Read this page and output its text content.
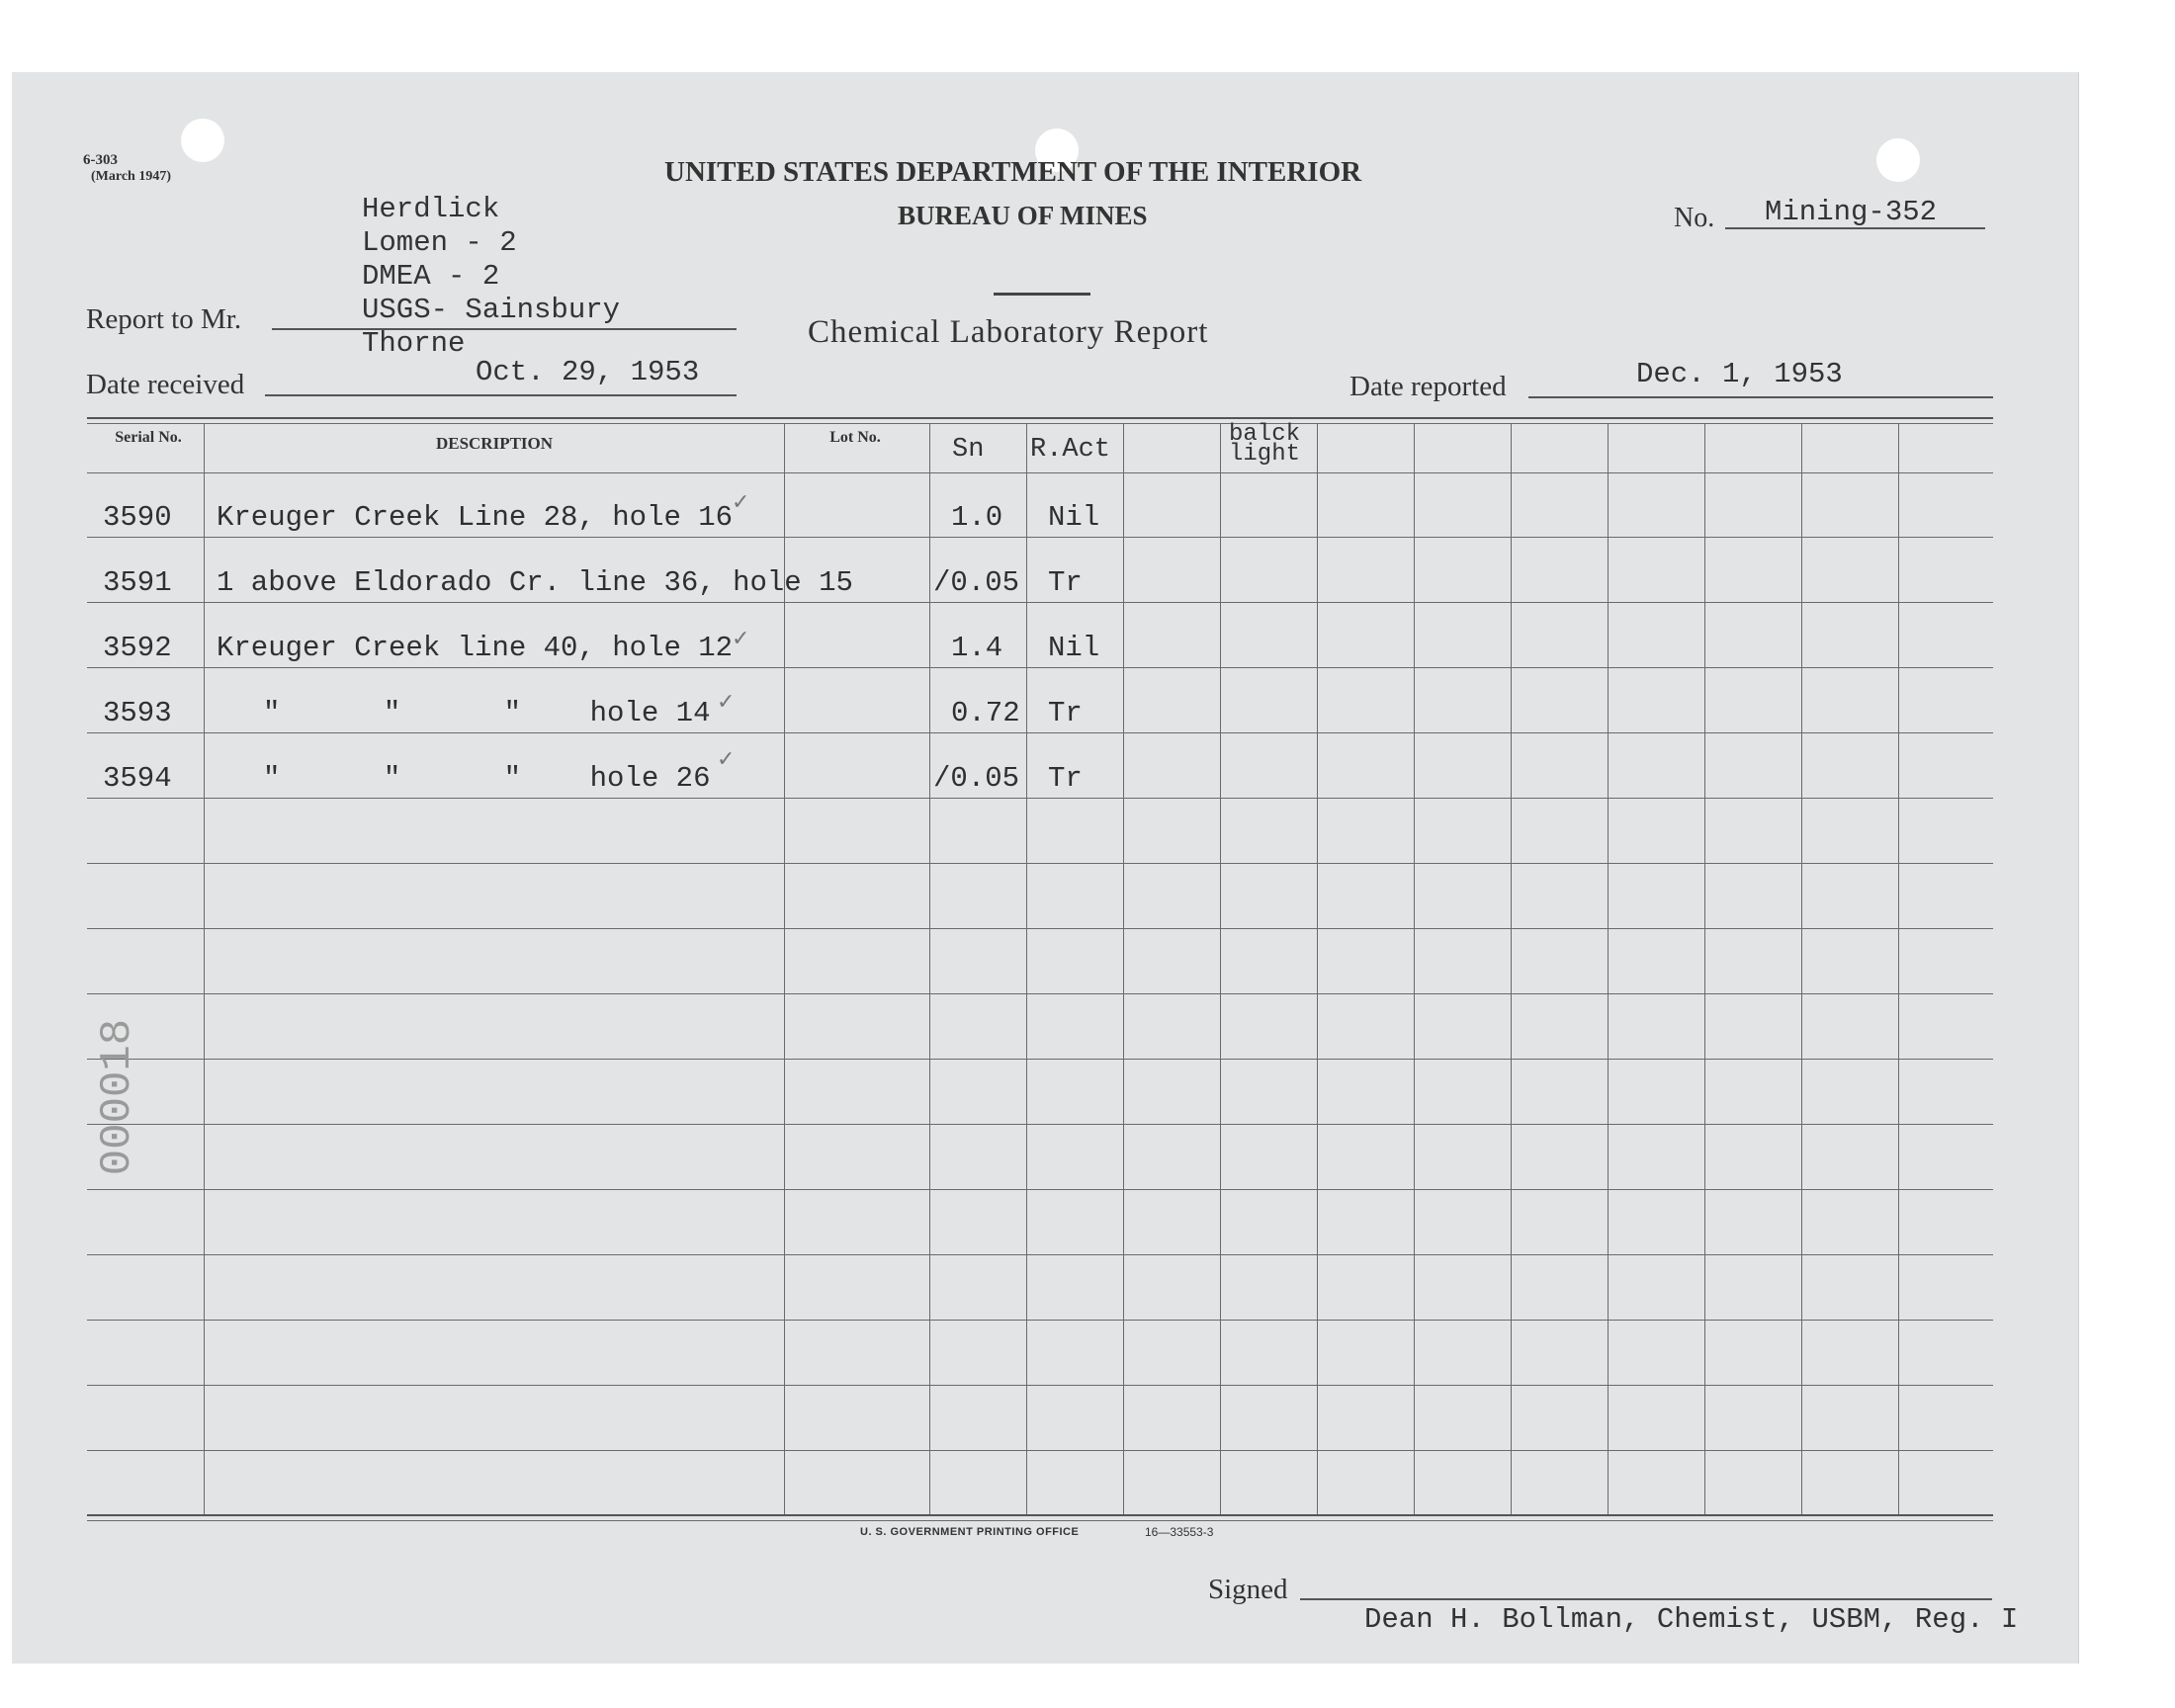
6-303
(March 1947)	UNITED STATES DEPARTMENT OF THE INTERIOR
BUREAU OF MINES
Chemical Laboratory Report
No. Mining-352
Report to Mr.
Herdlick
Lomen - 2
DMEA - 2
USGS- Sainsbury
Thorne
Date received	Oct. 29, 1953	Date reported	Dec. 1, 1953
Serial No.	DESCRIPTION	Lot No.	Sn R.Act
balck light
3590 Kreuger Creek Line 28, hole 16	1.0 Nil
3591 1 above Eldorado Cr. line 36, hole 15	/0.05 Tr
3592 Kreuger Creek line 40, hole 12	1.4 Nil
3593	"      "      "    hole 14	0.72 Tr
3594	"      "      "    hole 26	/0.05 Tr
✓
✓
✓
✓
000018
U. S. GOVERNMENT PRINTING OFFICE	16—33553-3
Signed
Dean H. Bollman, Chemist, USBM, Reg. I
